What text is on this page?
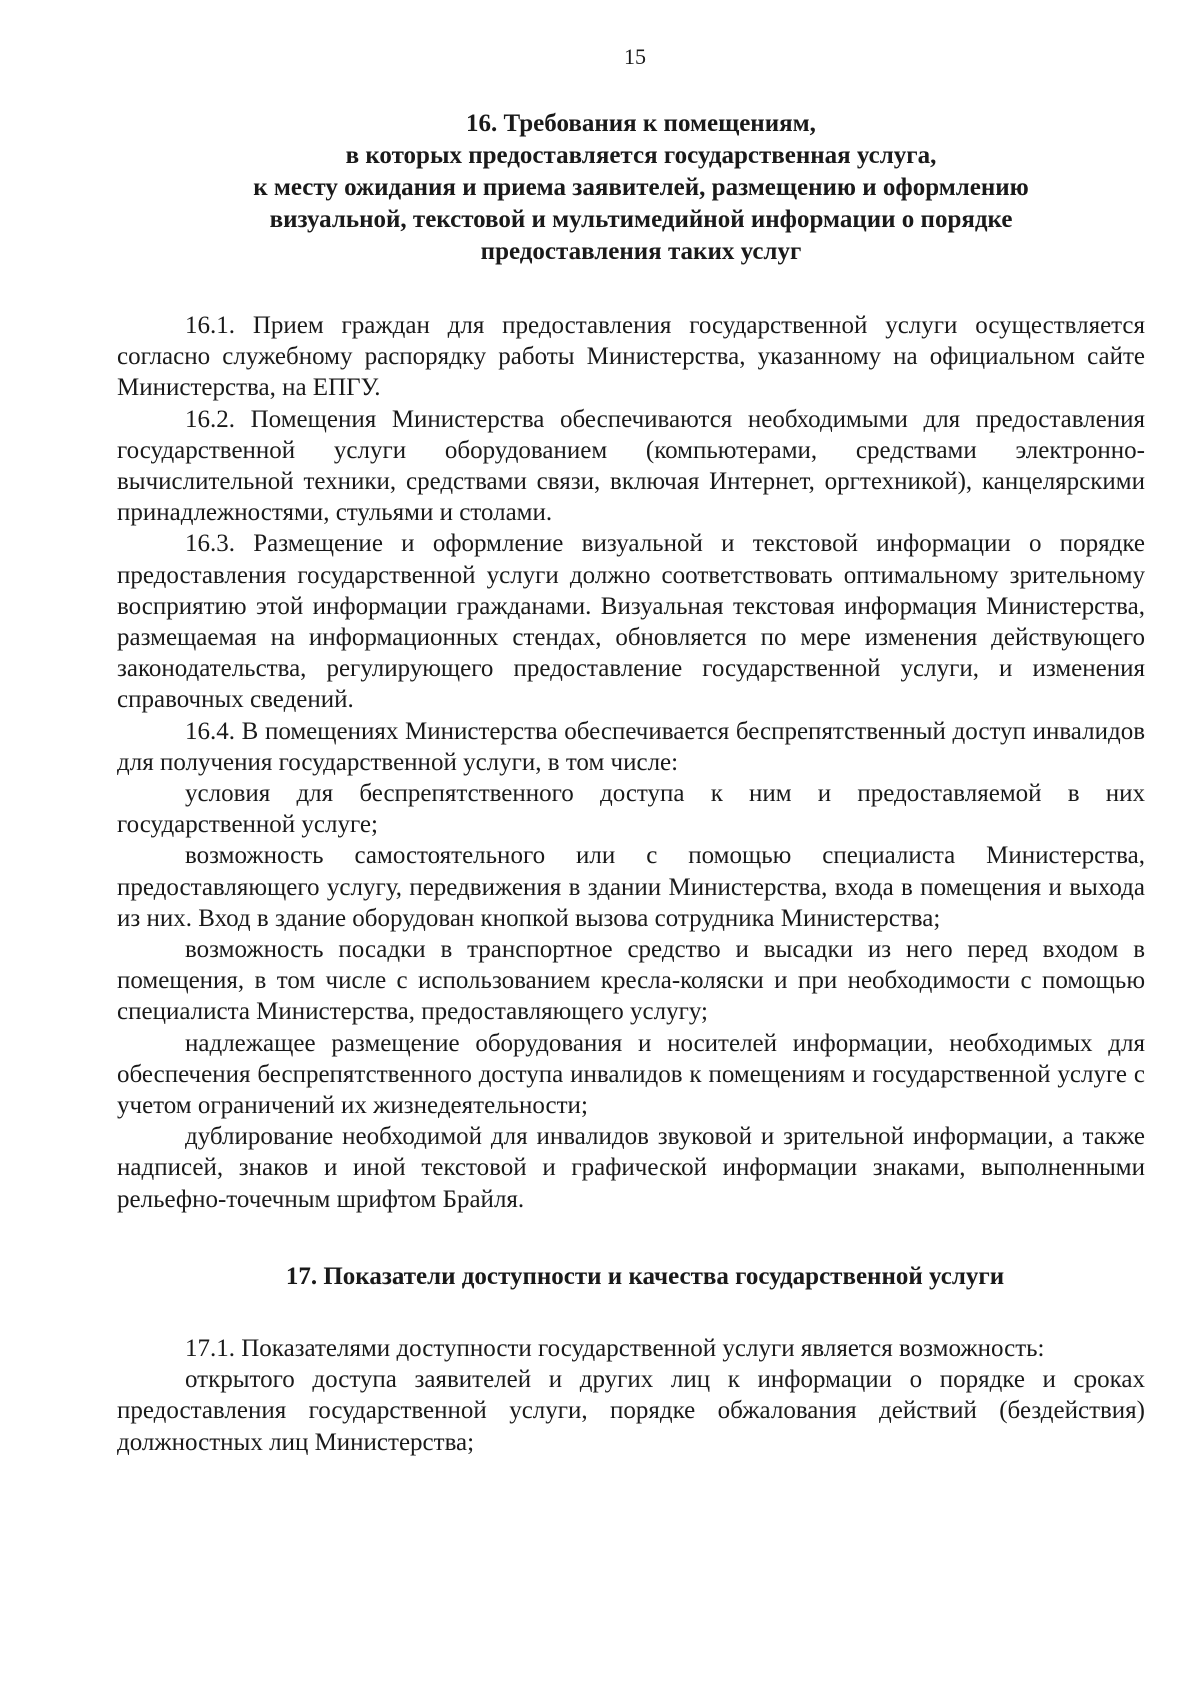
15

16. Требования к помещениям,

в которых предоставляется государственная услуга,

к месту ожидания и приема заявителей, размещению и оформлению

визуальной, текстовой и мультимедийной информации о порядке

предоставления таких услуг

16.1. Прием граждан для предоставления государственной услуги осуществляется согласно служебному распорядку работы Министерства, указанному на официальном сайте Министерства, на ЕПГУ.

16.2. Помещения Министерства обеспечиваются необходимыми для предоставления государственной услуги оборудованием (компьютерами, средствами электронно-вычислительной техники, средствами связи, включая Интернет, оргтехникой), канцелярскими принадлежностями, стульями и столами.

16.3. Размещение и оформление визуальной и текстовой информации о порядке предоставления государственной услуги должно соответствовать оптимальному зрительному восприятию этой информации гражданами. Визуальная текстовая информация Министерства, размещаемая на информационных стендах, обновляется по мере изменения действующего законодательства, регулирующего предоставление государственной услуги, и изменения справочных сведений.

16.4. В помещениях Министерства обеспечивается беспрепятственный доступ инвалидов для получения государственной услуги, в том числе:

условия для беспрепятственного доступа к ним и предоставляемой в них государственной услуге;

возможность самостоятельного или с помощью специалиста Министерства, предоставляющего услугу, передвижения в здании Министерства, входа в помещения и выхода из них. Вход в здание оборудован кнопкой вызова сотрудника Министерства;

возможность посадки в транспортное средство и высадки из него перед входом в помещения, в том числе с использованием кресла-коляски и при необходимости с помощью специалиста Министерства, предоставляющего услугу;

надлежащее размещение оборудования и носителей информации, необходимых для обеспечения беспрепятственного доступа инвалидов к помещениям и государственной услуге с учетом ограничений их жизнедеятельности;

дублирование необходимой для инвалидов звуковой и зрительной информации, а также надписей, знаков и иной текстовой и графической информации знаками, выполненными рельефно-точечным шрифтом Брайля.

17. Показатели доступности и качества государственной услуги

17.1. Показателями доступности государственной услуги является возможность:

открытого доступа заявителей и других лиц к информации о порядке и сроках предоставления государственной услуги, порядке обжалования действий (бездействия) должностных лиц Министерства;
